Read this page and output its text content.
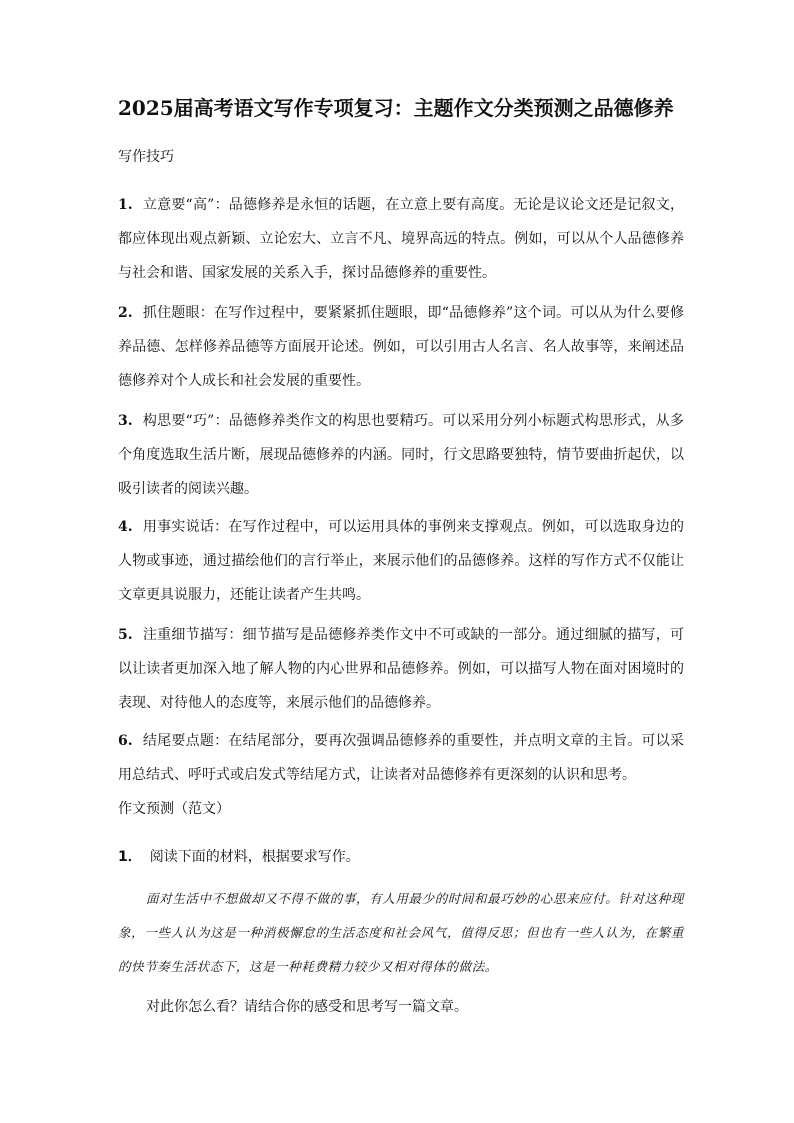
2025届高考语文写作专项复习：主题作文分类预测之品德修养
写作技巧
1. 立意要“高”：品德修养是永恒的话题，在立意上要有高度。无论是议论文还是记叙文，都应体现出观点新颖、立论宏大、立言不凡、境界高远的特点。例如，可以从个人品德修养与社会和谐、国家发展的关系入手，探讨品德修养的重要性。
2. 抓住题眼：在写作过程中，要紧紧抓住题眼，即“品德修养”这个词。可以从为什么要修养品德、怎样修养品德等方面展开论述。例如，可以引用古人名言、名人故事等，来阐述品德修养对个人成长和社会发展的重要性。
3. 构思要“巧”：品德修养类作文的构思也要精巧。可以采用分列小标题式构思形式，从多个角度选取生活片断，展现品德修养的内涵。同时，行文思路要独特，情节要曲折起伏，以吸引读者的阅读兴趣。
4. 用事实说话：在写作过程中，可以运用具体的事例来支撑观点。例如，可以选取身边的人物或事迹，通过描绘他们的言行举止，来展示他们的品德修养。这样的写作方式不仅能让文章更具说服力，还能让读者产生共鸣。
5. 注重细节描写：细节描写是品德修养类作文中不可或缺的一部分。通过细腻的描写，可以让读者更加深入地了解人物的内心世界和品德修养。例如，可以描写人物在面对困境时的表现、对待他人的态度等，来展示他们的品德修养。
6. 结尾要点题：在结尾部分，要再次强调品德修养的重要性，并点明文章的主旨。可以采用总结式、呼吁式或启发式等结尾方式，让读者对品德修养有更深刻的认识和思考。
作文预测（范文）
1． 阅读下面的材料，根据要求写作。
面对生活中不想做却又不得不做的事，有人用最少的时间和最巧妙的心思来应付。针对这种现象，一些人认为这是一种消极懈怠的生活态度和社会风气，值得反思；但也有一些人认为，在繁重的快节奏生活状态下，这是一种耗费精力较少又相对得体的做法。
对此你怎么看？请结合你的感受和思考写一篇文章。
